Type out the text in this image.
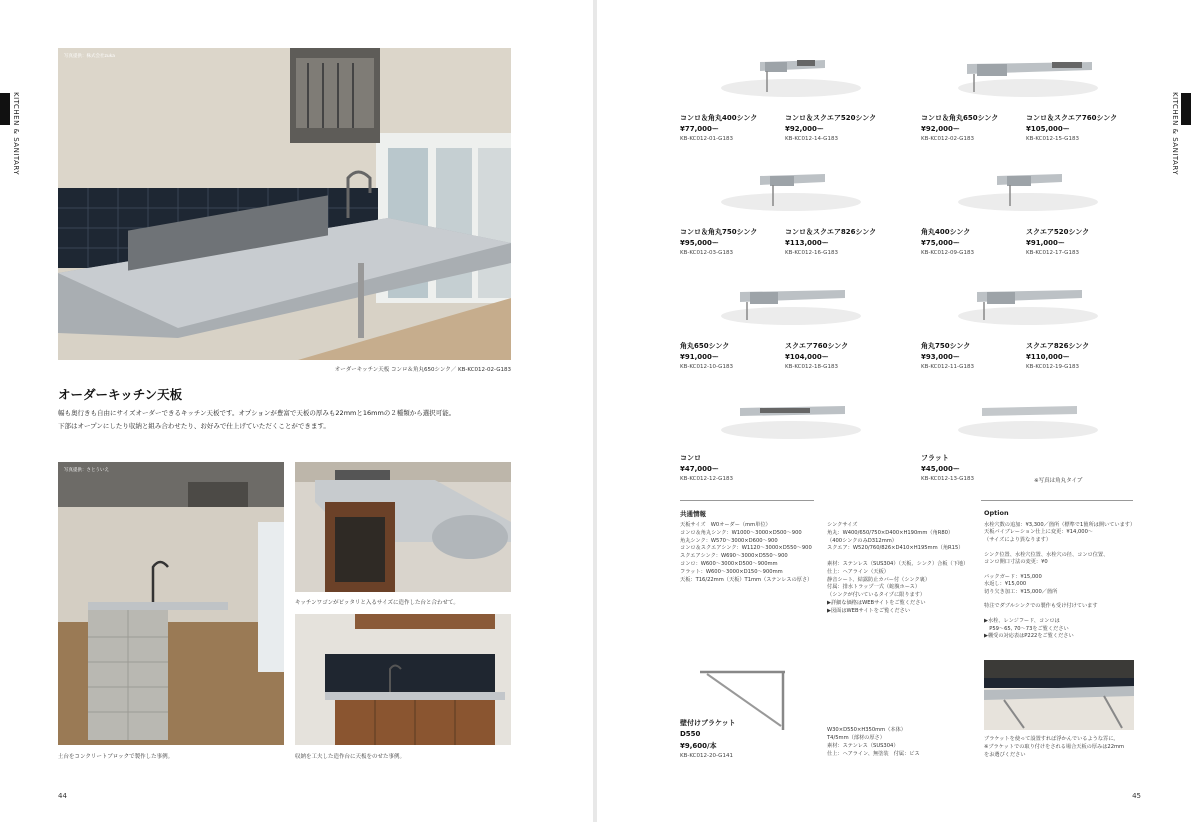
KITCHEN & SANITARY
写真提供：株式会社zuka
オーダーキッチン天板 コンロ＆角丸650シンク／ KB-KC012-02-G183
オーダーキッチン天板
幅も奥行きも自由にサイズオーダーできるキッチン天板です。オプションが豊富で天板の厚みも22mmと16mmの２種類から選択可能。
下部はオープンにしたり収納と組み合わせたり、お好みで仕上げていただくことができます。
写真提供：さとういえ
土台をコンクリートブロックで製作した事例。
キッチンワゴンがピッタリと入るサイズに造作した台と合わせて。
収納を工夫した造作台に天板をのせた事例。
44
KITCHEN & SANITARY
コンロ＆角丸400シンク
¥77,000ー
KB-KC012-01-G183
コンロ＆スクエア520シンク
¥92,000ー
KB-KC012-14-G183
コンロ＆角丸650シンク
¥92,000ー
KB-KC012-02-G183
コンロ＆スクエア760シンク
¥105,000ー
KB-KC012-15-G183
コンロ＆角丸750シンク
¥95,000ー
KB-KC012-03-G183
コンロ＆スクエア826シンク
¥113,000ー
KB-KC012-16-G183
角丸400シンク
¥75,000ー
KB-KC012-09-G183
スクエア520シンク
¥91,000ー
KB-KC012-17-G183
角丸650シンク
¥91,000ー
KB-KC012-10-G183
スクエア760シンク
¥104,000ー
KB-KC012-18-G183
角丸750シンク
¥93,000ー
KB-KC012-11-G183
スクエア826シンク
¥110,000ー
KB-KC012-19-G183
コンロ
¥47,000ー
KB-KC012-12-G183
フラット
¥45,000ー
KB-KC012-13-G183	※写真は角丸タイプ
共通情報
天板サイズ　W0オーダー（mm単位）
コンロ＆角丸シンク：W1000～3000×D500～900
角丸シンク：W570～3000×D600～900
コンロ＆スクエアシンク：W1120～3000×D550～900
スクエアシンク：W690～3000×D550～900
コンロ：W600～3000×D500～900mm
フラット：W600～3000×D150～900mm
天板：T16/22mm（天板）T1mm（ステンレスの厚さ）
シンクサイズ
角丸：W400/650/750×D400×H190mm（角R80）
（400シンクのみD312mm）
スクエア：W520/760/826×D410×H195mm（角R15）
素材：ステンレス（SUS304）（天板、シンク）合板（下地）
仕上：ヘアライン（天板）
静音シート、結露防止カバー付（シンク裏）
付属：排水トラップ一式（蛇腹ホース）
（シンクが付いているタイプに限ります）
▶詳細な価格はWEBサイトをご覧ください
▶図面はWEBサイトをご覧ください
Option
水栓穴数の追加：¥3,300／箇所（標準で1箇所は開いています）
天板バイブレーション仕上に変更：¥14,000～
（サイズにより異なります）
シンク位置、水栓穴位置、水栓穴の径、コンロ位置、
コンロ開口寸法の変更：¥0
バックガード：¥15,000
水返し：¥15,000
切り欠き加工：¥15,000／箇所
特注でダブルシンクでの製作も受け付けています
▶水栓、レンジフード、コンロは
　P59～65, 70～73をご覧ください
▶棚受の対応表はP222をご覧ください
壁付けブラケット
D550
¥9,600/本
KB-KC012-20-G141
W30×D550×H350mm（本体）
T4/5mm（部材の厚さ）
素材：ステンレス（SUS304）
仕上：ヘアライン、無塗装　付属：ビス
ブラケットを使って設置すれば浮かんでいるような雰に。
※ブラケットでの取り付けをされる場合天板の厚みは22mm
をお選びください
45
